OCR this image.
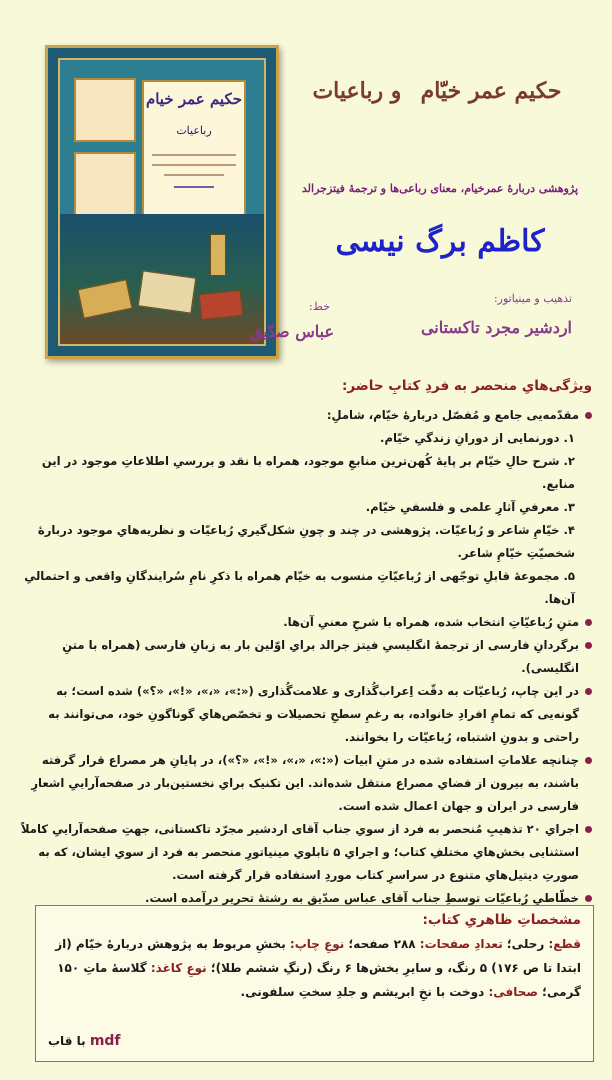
حکیم عمر خیام
رباعیات
حکیم عمر خیّام و رباعیات
پژوهشی دربارهٔ عمرخیام، معنای رباعی‌ها و ترجمهٔ فیتزجرالد
کاظم برگ نیسی
تذهیب و مینیاتور:
اردشیر مجرد تاکستانی
خط:
عباس صدّیق
ویژگی‌هایِ منحصر به فردِ کتابِ حاضر:
مقدّمه‌یی جامع و مُفصّل دربارهٔ خیّام، شاملِ:
۱. دورنمایی از دورانِ زندگیِ خیّام.
۲. شرح حالِ خیّام بر پایهٔ کُهن‌ترین منابعِ موجود، همراه با نقد و بررسیِ اطلاعاتِ موجود در این منابع.
۳. معرفیِ آثارِ علمی و فلسفیِ خیّام.
۴. خیّامِ شاعر و رُباعیّات. پژوهشی در چند و چونِ شکل‌گیریِ رُباعیّات و نظریه‌هایِ موجود دربارهٔ شخصیّتِ خیّامِ شاعر.
۵. مجموعهٔ قابلِ توجّهی از رُباعیّاتِ منسوب به خیّام همراه با ذکرِ نامِ سُرایندگانِ واقعی و احتمالیِ آن‌ها.
متنِ رُباعیّاتِ انتخاب شده، همراه با شرحِ معنیِ آن‌ها.
برگردانِ فارسی از ترجمهٔ انگلیسیِ فیتز جرالد برایِ اوّلین بار به زبانِ فارسی (همراه با متنِ انگلیسی).
در این چاپ، رُباعیّات به دقّت اِعراب‌گُذاری و علامت‌گُذاری («:»، «،»، «!»، «؟») شده است؛ به گونه‌یی که تمامِ افرادِ خانواده، به رغمِ سطحِ تحصیلات و تخصّص‌هایِ گوناگونِ خود، می‌توانند به راحتی و بدونِ اشتباه، رُباعیّات را بخوانند.
چنانچه علاماتِ استفاده شده در متنِ ابیات («:»، «،»، «!»، «؟»)، در پایانِ هر مصراع قرار گرفته باشند، به بیرون از فضایِ مصراع منتقل شده‌اند. این تکنیک برایِ نخستین‌بار در صفحه‌آراییِ اشعارِ فارسی در ایران و جهان اعمال شده است.
اجرایِ ۲۰ تذهیبِ مُنحصر به فرد از سویِ جناب آقای اردشیر مجرّد تاکستانی، جهتِ صفحه‌آراییِ کاملاً استثنایی بخش‌هایِ مختلفِ کتاب؛ و اجرایِ ۵ تابلویِ مینیاتورِ منحصر به فرد از سویِ ایشان، که به صورتِ دیتیل‌هایِ متنوع در سراسرِ کتاب موردِ استفاده قرار گرفته است.
خطّاطیِ رُباعیّات توسطِ جناب آقای عباس صدّیق به رشتهٔ تحریر درآمده است.
مشخصاتِ ظاهریِ کتاب:

قطع: رحلی؛ تعدادِ صفحات: ۲۸۸ صفحه؛ نوعِ چاپ: بخشِ مربوط به پژوهش دربارهٔ خیّام (از ابتدا تا ص ۱۷۶) ۵ رنگ، و سایرِ بخش‌ها ۶ رنگ (رنگِ ششم طلا)؛ نوعِ کاغذ: گلاسهٔ ماتِ ۱۵۰ گرمی؛ صحافی: دوخت با نخِ ابریشم و جلدِ سختِ سلفونی.

با قاب mdf
